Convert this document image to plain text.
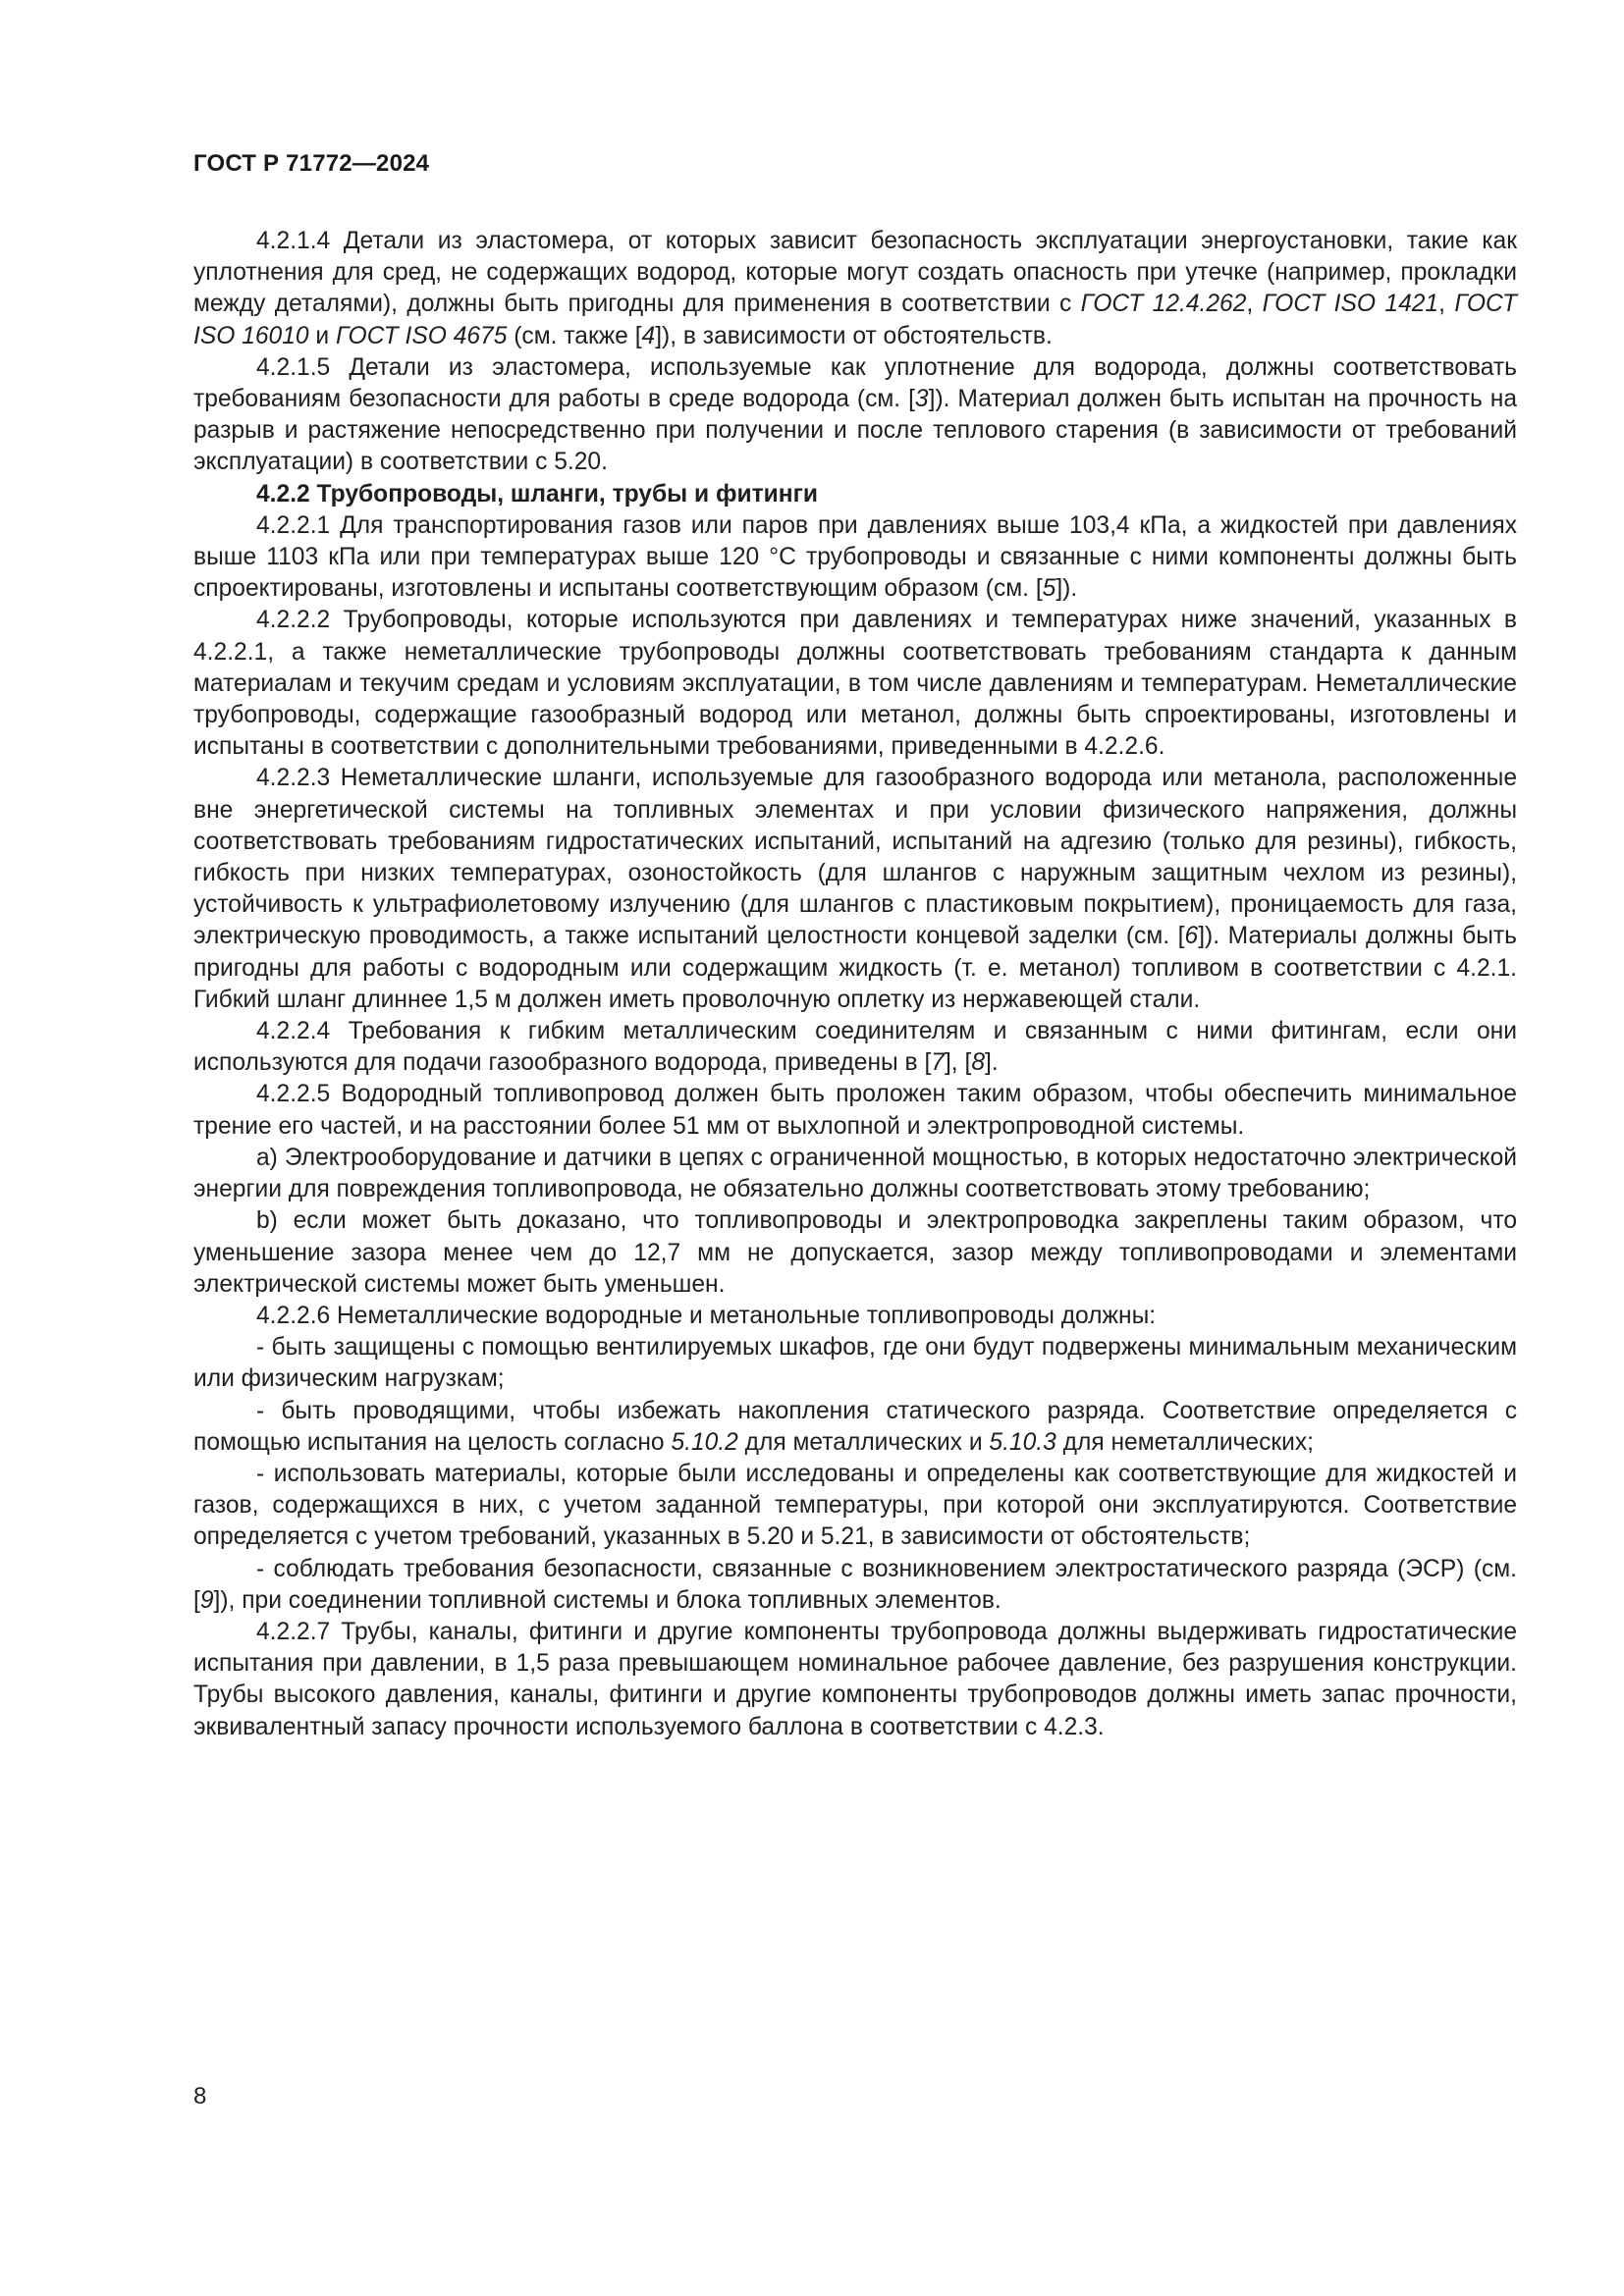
ГОСТ Р 71772—2024

4.2.1.4 Детали из эластомера, от которых зависит безопасность эксплуатации энергоустановки, такие как уплотнения для сред, не содержащих водород, которые могут создать опасность при утечке (например, прокладки между деталями), должны быть пригодны для применения в соответствии с ГОСТ 12.4.262, ГОСТ ISO 1421, ГОСТ ISO 16010 и ГОСТ ISO 4675 (см. также [4]), в зависимости от обстоятельств.

4.2.1.5 Детали из эластомера, используемые как уплотнение для водорода, должны соответствовать требованиям безопасности для работы в среде водорода (см. [3]). Материал должен быть испытан на прочность на разрыв и растяжение непосредственно при получении и после теплового старения (в зависимости от требований эксплуатации) в соответствии с 5.20.

4.2.2 Трубопроводы, шланги, трубы и фитинги

4.2.2.1 Для транспортирования газов или паров при давлениях выше 103,4 кПа, а жидкостей при давлениях выше 1103 кПа или при температурах выше 120 °С трубопроводы и связанные с ними компоненты должны быть спроектированы, изготовлены и испытаны соответствующим образом (см. [5]).

4.2.2.2 Трубопроводы, которые используются при давлениях и температурах ниже значений, указанных в 4.2.2.1, а также неметаллические трубопроводы должны соответствовать требованиям стандарта к данным материалам и текучим средам и условиям эксплуатации, в том числе давлениям и температурам. Неметаллические трубопроводы, содержащие газообразный водород или метанол, должны быть спроектированы, изготовлены и испытаны в соответствии с дополнительными требованиями, приведенными в 4.2.2.6.

4.2.2.3 Неметаллические шланги, используемые для газообразного водорода или метанола, расположенные вне энергетической системы на топливных элементах и при условии физического напряжения, должны соответствовать требованиям гидростатических испытаний, испытаний на адгезию (только для резины), гибкость, гибкость при низких температурах, озоностойкость (для шлангов с наружным защитным чехлом из резины), устойчивость к ультрафиолетовому излучению (для шлангов с пластиковым покрытием), проницаемость для газа, электрическую проводимость, а также испытаний целостности концевой заделки (см. [6]). Материалы должны быть пригодны для работы с водородным или содержащим жидкость (т. е. метанол) топливом в соответствии с 4.2.1. Гибкий шланг длиннее 1,5 м должен иметь проволочную оплетку из нержавеющей стали.

4.2.2.4 Требования к гибким металлическим соединителям и связанным с ними фитингам, если они используются для подачи газообразного водорода, приведены в [7], [8].

4.2.2.5 Водородный топливопровод должен быть проложен таким образом, чтобы обеспечить минимальное трение его частей, и на расстоянии более 51 мм от выхлопной и электропроводной системы.

а) Электрооборудование и датчики в цепях с ограниченной мощностью, в которых недостаточно электрической энергии для повреждения топливопровода, не обязательно должны соответствовать этому требованию;

b) если может быть доказано, что топливопроводы и электропроводка закреплены таким образом, что уменьшение зазора менее чем до 12,7 мм не допускается, зазор между топливопроводами и элементами электрической системы может быть уменьшен.

4.2.2.6 Неметаллические водородные и метанольные топливопроводы должны:

- быть защищены с помощью вентилируемых шкафов, где они будут подвержены минимальным механическим или физическим нагрузкам;

- быть проводящими, чтобы избежать накопления статического разряда. Соответствие определяется с помощью испытания на целость согласно 5.10.2 для металлических и 5.10.3 для неметаллических;

- использовать материалы, которые были исследованы и определены как соответствующие для жидкостей и газов, содержащихся в них, с учетом заданной температуры, при которой они эксплуатируются. Соответствие определяется с учетом требований, указанных в 5.20 и 5.21, в зависимости от обстоятельств;

- соблюдать требования безопасности, связанные с возникновением электростатического разряда (ЭСР) (см. [9]), при соединении топливной системы и блока топливных элементов.

4.2.2.7 Трубы, каналы, фитинги и другие компоненты трубопровода должны выдерживать гидростатические испытания при давлении, в 1,5 раза превышающем номинальное рабочее давление, без разрушения конструкции. Трубы высокого давления, каналы, фитинги и другие компоненты трубопроводов должны иметь запас прочности, эквивалентный запасу прочности используемого баллона в соответствии с 4.2.3.

8
